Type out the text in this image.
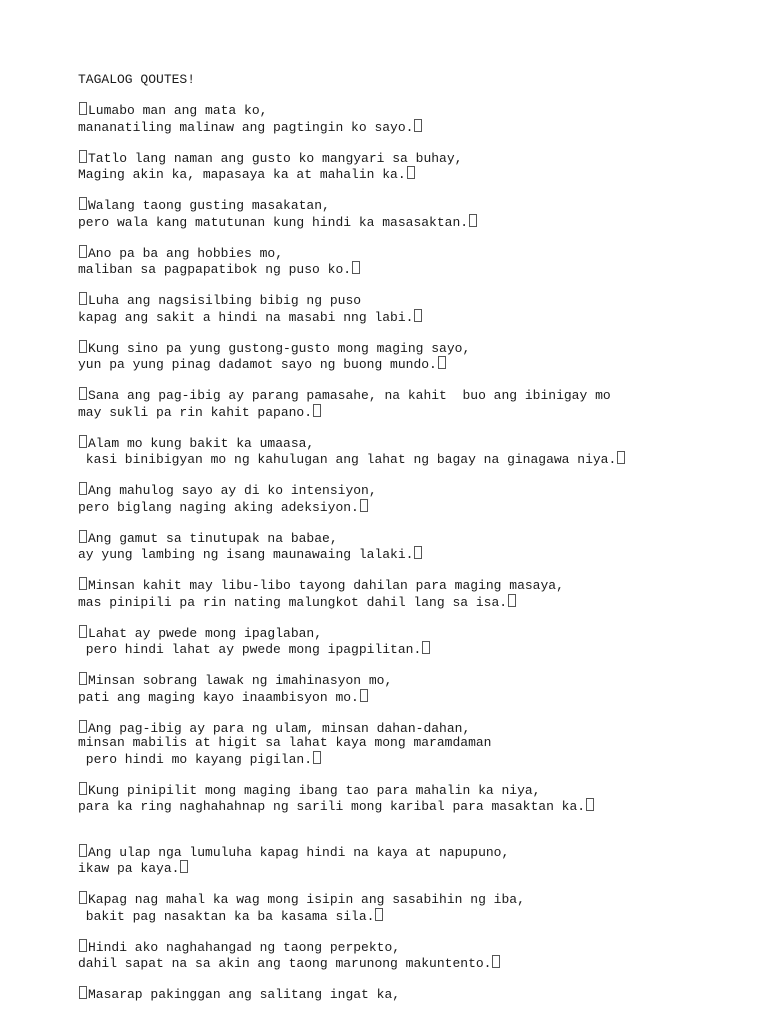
TAGALOG QOUTES!
Lumabo man ang mata ko,
mananatiling malinaw ang pagtingin ko sayo.
Tatlo lang naman ang gusto ko mangyari sa buhay,
Maging akin ka, mapasaya ka at mahalin ka.
Walang taong gusting masakatan,
pero wala kang matutunan kung hindi ka masasaktan.
Ano pa ba ang hobbies mo,
maliban sa pagpapatibok ng puso ko.
Luha ang nagsisilbing bibig ng puso
kapag ang sakit a hindi na masabi nng labi.
Kung sino pa yung gustong-gusto mong maging sayo,
yun pa yung pinag dadamot sayo ng buong mundo.
Sana ang pag-ibig ay parang pamasahe, na kahit  buo ang ibinigay mo
may sukli pa rin kahit papano.
Alam mo kung bakit ka umaasa,
kasi binibigyan mo ng kahulugan ang lahat ng bagay na ginagawa niya.
Ang mahulog sayo ay di ko intensiyon,
pero biglang naging aking adeksiyon.
Ang gamut sa tinutupak na babae,
ay yung lambing ng isang maunawaing lalaki.
Minsan kahit may libu-libo tayong dahilan para maging masaya,
mas pinipili pa rin nating malungkot dahil lang sa isa.
Lahat ay pwede mong ipaglaban,
pero hindi lahat ay pwede mong ipagpilitan.
Minsan sobrang lawak ng imahinasyon mo,
pati ang maging kayo inaambisyon mo.
Ang pag-ibig ay para ng ulam, minsan dahan-dahan,
minsan mabilis at higit sa lahat kaya mong maramdaman
pero hindi mo kayang pigilan.
Kung pinipilit mong maging ibang tao para mahalin ka niya,
para ka ring naghahahnap ng sarili mong karibal para masaktan ka.
Ang ulap nga lumuluha kapag hindi na kaya at napupuno,
ikaw pa kaya.
Kapag nag mahal ka wag mong isipin ang sasabihin ng iba,
bakit pag nasaktan ka ba kasama sila.
Hindi ako naghahangad ng taong perpekto,
dahil sapat na sa akin ang taong marunong makuntento.
Masarap pakinggan ang salitang ingat ka,
